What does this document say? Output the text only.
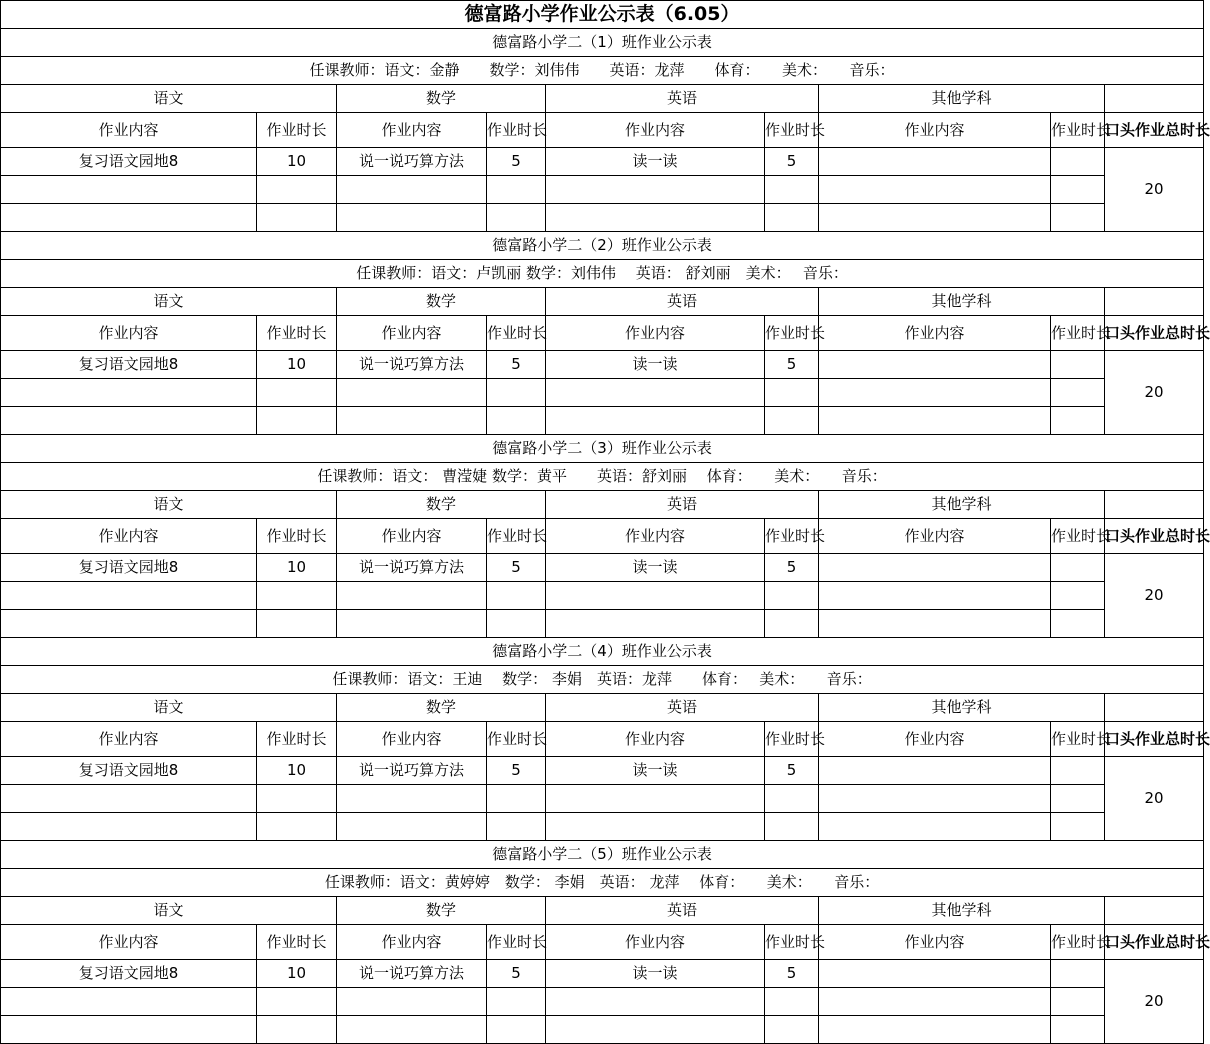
德富路小学作业公示表（6.05）								
德富路小学二（1）班作业公示表								
任课教师：语文：金静　　数学：刘伟伟　　英语：龙萍　　体育：　　美术：　　音乐：								
语文		数学		英语		其他学科		
作业内容	作业时长	作业内容	作业时长	作业内容	作业时长	作业内容	作业时长	口头作业总时长
复习语文园地8	10	说一说巧算方法	5	读一读	5			20

德富路小学二（2）班作业公示表								
任课教师：语文：卢凯丽 数学：刘伟伟　 英语： 舒刘丽　美术：　 音乐：								
语文		数学		英语		其他学科		
作业内容	作业时长	作业内容	作业时长	作业内容	作业时长	作业内容	作业时长	口头作业总时长
复习语文园地8	10	说一说巧算方法	5	读一读	5			20

德富路小学二（3）班作业公示表								
任课教师：语文： 曹滢婕 数学：黄平　　英语：舒刘丽　 体育：　　美术：　　音乐：								
语文		数学		英语		其他学科		
作业内容	作业时长	作业内容	作业时长	作业内容	作业时长	作业内容	作业时长	口头作业总时长
复习语文园地8	10	说一说巧算方法	5	读一读	5			20

德富路小学二（4）班作业公示表								
任课教师：语文：王迪　 数学： 李娟　英语：龙萍　　体育：　 美术：　　音乐：								
语文		数学		英语		其他学科		
作业内容	作业时长	作业内容	作业时长	作业内容	作业时长	作业内容	作业时长	口头作业总时长
复习语文园地8	10	说一说巧算方法	5	读一读	5			20

德富路小学二（5）班作业公示表								
任课教师：语文：黄婷婷　数学： 李娟　英语： 龙萍　 体育：　　美术：　　音乐：								
语文		数学		英语		其他学科		
作业内容	作业时长	作业内容	作业时长	作业内容	作业时长	作业内容	作业时长	口头作业总时长
复习语文园地8	10	说一说巧算方法	5	读一读	5			20
